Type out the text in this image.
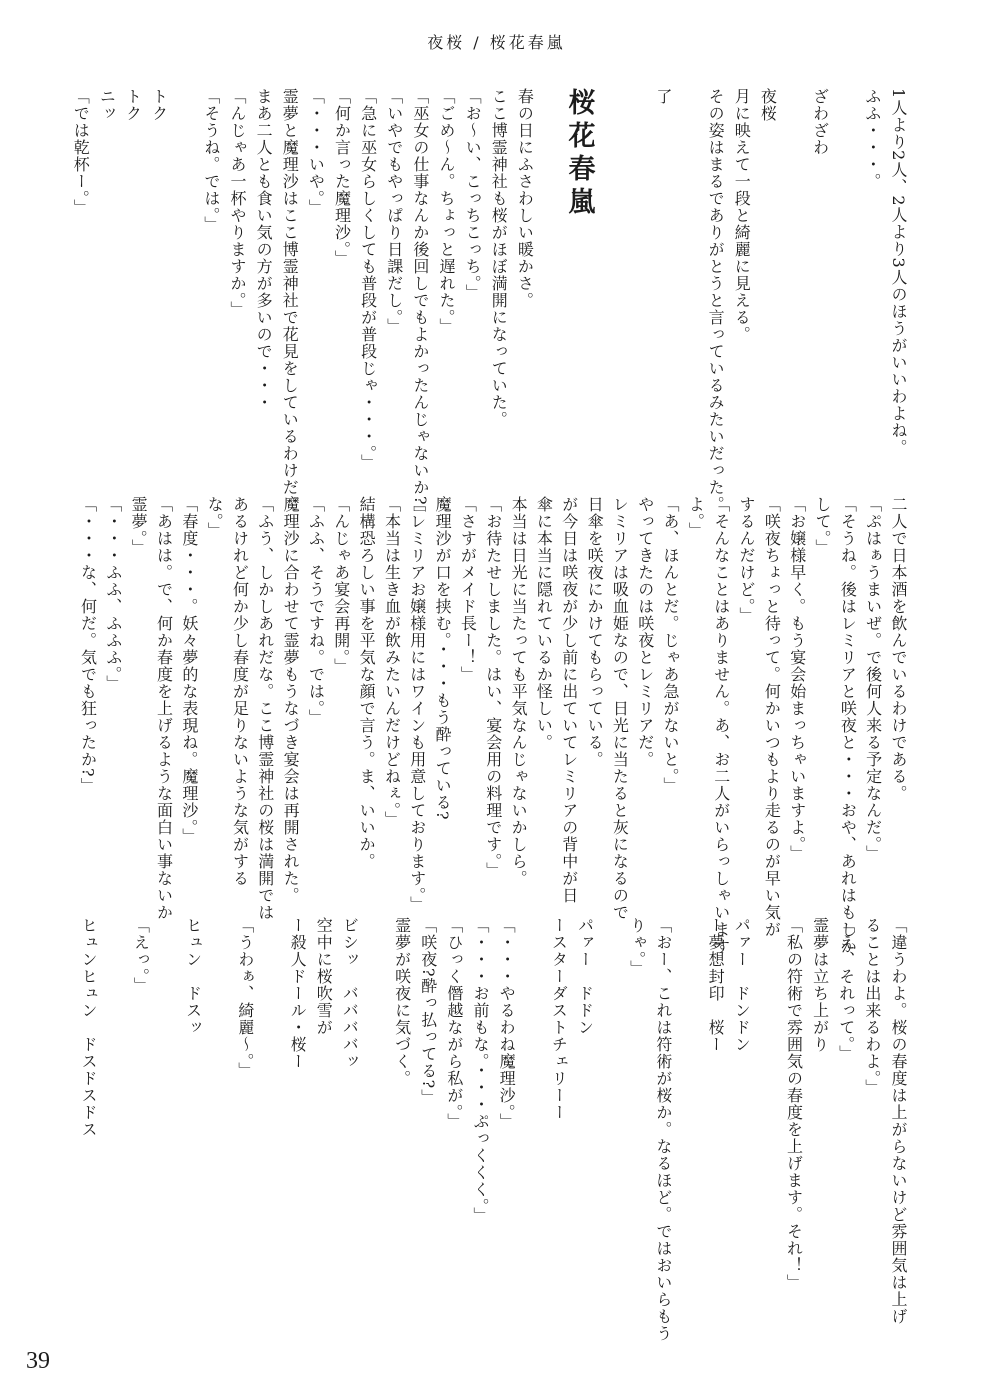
夜桜 / 桜花春嵐
1人より2人、2人より3人のほうがいいわよね。
ふふ・・・。
ざわざわ
夜桜
月に映えて一段と綺麗に見える。
その姿はまるでありがとうと言っているみたいだった。
了
桜花春嵐
春の日にふさわしい暖かさ。
ここ博霊神社も桜がほぼ満開になっていた。
「お～い、こっちこっち。」
「ごめ～ん。ちょっと遅れた。」
「巫女の仕事なんか後回しでもよかったんじゃないか?」
「いやでもやっぱり日課だし。」
「急に巫女らしくしても普段が普段じゃ・・・。」
「何か言った魔理沙。」
「・・・いや。」
霊夢と魔理沙はここ博霊神社で花見をしているわけだ。
まあ二人とも食い気の方が多いので・・・
「んじゃあ一杯やりますか。」
「そうね。では。」
トク
トク
ニッ
「では乾杯ー。」
二人で日本酒を飲んでいるわけである。
「ぷはぁうまいぜ。で後何人来る予定なんだ。」
「そうね。後はレミリアと咲夜と・・・おや、あれはもしか
して。」
「お嬢様早く。もう宴会始まっちゃいますよ。」
「咲夜ちょっと待って。何かいつもより走るのが早い気が
するんだけど。」
「そんなことはありません。あ、お二人がいらっしゃいます
よ。」
「あ、ほんとだ。じゃあ急がないと。」
やってきたのは咲夜とレミリアだ。
レミリアは吸血姫なので、日光に当たると灰になるので
日傘を咲夜にかけてもらっている。
が今日は咲夜が少し前に出ていてレミリアの背中が日
傘に本当に隠れているか怪しい。
本当は日光に当たっても平気なんじゃないかしら。
「お待たせしました。はい、宴会用の料理です。」
「さすがメイド長ー！」
魔理沙が口を挟む。・・・もう酔っている?
「レミリアお嬢様用にはワインも用意しております。」
「本当は生き血が飲みたいんだけどねぇ。」
結構恐ろしい事を平気な顔で言う。ま、いいか。
「んじゃあ宴会再開。」
「ふふ、そうですね。では。」
魔理沙に合わせて霊夢もうなづき宴会は再開された。
「ふう、しかしあれだな。ここ博霊神社の桜は満開では
あるけれど何か少し春度が足りないような気がする
な。」
「春度・・・。妖々夢的な表現ね。魔理沙。」
「あはは。で、何か春度を上げるような面白い事ないか
霊夢。」
「・・・ふふ、ふふふ。」
「・・・な、何だ。気でも狂ったか?」
「違うわよ。桜の春度は上がらないけど雰囲気は上げ
ることは出来るわよ。」
「え、それって。」
霊夢は立ち上がり
「私の符術で雰囲気の春度を上げます。それ！」
パァー　ドンドン
ー夢想封印　桜ー
「おー、これは符術が桜か。なるほど。ではおいらもう
りゃ。」
パァー　ドドン
ースターダストチェリーー
「・・・やるわね魔理沙。」
「・・・お前もな。・・・ぷっくくく。」
「ひっく僭越ながら私が。」
「咲夜?酔っ払ってる?」
霊夢が咲夜に気づく。
ビシッ　ババババッ
空中に桜吹雪が
ー殺人ドール・桜ー
「うわぁ、綺麗～。」
ヒュン　ドスッ
「えっ。」
ヒュンヒュン　ドスドスドス
39
